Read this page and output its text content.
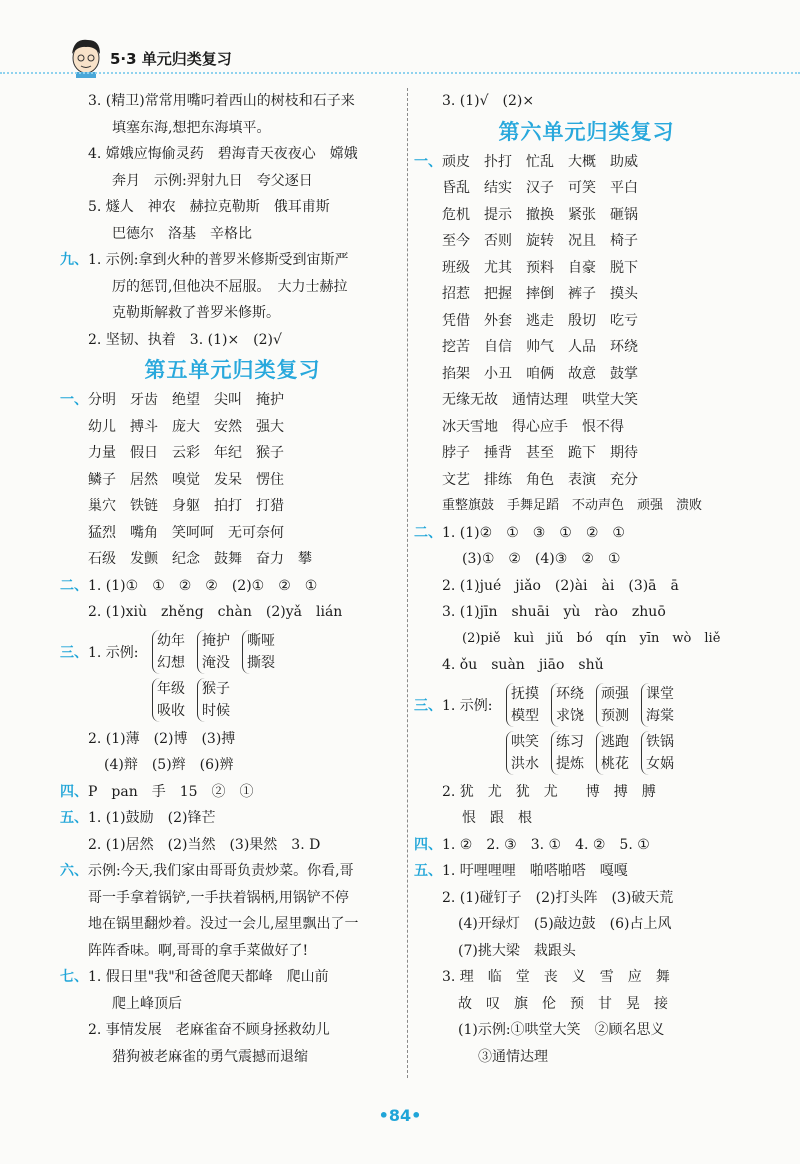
5·3 单元归类复习
3. (精卫)常常用嘴叼着西山的树枝和石子来
填塞东海,想把东海填平。
4. 嫦娥应悔偷灵药　碧海青天夜夜心　嫦娥
奔月　示例:羿射九日　夸父逐日
5. 燧人　神农　赫拉克勒斯　俄耳甫斯
巴德尔　洛基　辛格比
九、1. 示例:拿到火种的普罗米修斯受到宙斯严
厉的惩罚,但他决不屈服。　大力士赫拉
克勒斯解救了普罗米修斯。
2. 坚韧、执着　3. (1)×　(2)√
第五单元归类复习
一、分明　牙齿　绝望　尖叫　掩护
幼儿　搏斗　庞大　安然　强大
力量　假日　云彩　年纪　猴子
鳞子　居然　嗅觉　发呆　愣住
巢穴　铁链　身躯　拍打　打猎
猛烈　嘴角　笑呵呵　无可奈何
石级　发颤　纪念　鼓舞　奋力　攀
二、1. (1)①　①　②　②　(2)①　②　①
2. (1)xiù　zhěng　chàn　(2)yǎ　lián
三、1. 示例:
幼年
幻想
掩护
淹没
嘶哑
撕裂
年级
吸收
猴子
时候
2. (1)薄　(2)博　(3)搏
(4)辩　(5)辫　(6)辨
四、P　pan　手　15　②　①
五、1. (1)鼓励　(2)锋芒
2. (1)居然　(2)当然　(3)果然　3. D
六、示例:今天,我们家由哥哥负责炒菜。你看,哥
哥一手拿着锅铲,一手扶着锅柄,用锅铲不停
地在锅里翻炒着。没过一会儿,屋里飘出了一
阵阵香味。啊,哥哥的拿手菜做好了!
七、1. 假日里"我"和爸爸爬天都峰　爬山前
爬上峰顶后
2. 事情发展　老麻雀奋不顾身拯救幼儿
猎狗被老麻雀的勇气震撼而退缩
3. (1)√　(2)×
第六单元归类复习
一、顽皮　扑打　忙乱　大概　助威
昏乱　结实　汉子　可笑　平白
危机　提示　撤换　紧张　砸锅
至今　否则　旋转　况且　椅子
班级　尤其　预料　自豪　脱下
招惹　把握　摔倒　裤子　摸头
凭借　外套　逃走　殷切　吃亏
挖苦　自信　帅气　人品　环绕
掐架　小丑　咱俩　故意　鼓掌
无缘无故　通情达理　哄堂大笑
冰天雪地　得心应手　恨不得
脖子　捶背　甚至　跪下　期待
文艺　排练　角色　表演　充分
重整旗鼓　手舞足蹈　不动声色　顽强　溃败
二、1. (1)②　①　③　①　②　①
(3)①　②　(4)③　②　①
2. (1)jué　jiǎo　(2)ài　ài　(3)ā　ā
3. (1)jīn　shuāi　yù　rào　zhuō
(2)piě　kuì　jiǔ　bó　qín　yīn　wò　liě
4. ǒu　suàn　jiāo　shǔ
三、1. 示例:
抚摸
模型
环绕
求饶
顽强
预测
课堂
海棠
哄笑
洪水
练习
提炼
逃跑
桃花
铁锅
女娲
2. 犹　尤　犹　尤　　博　搏　膊
恨　跟　根
四、1. ②　2. ③　3. ①　4. ②　5. ①
五、1. 吁哩哩哩　啪嗒啪嗒　嘎嘎
2. (1)碰钉子　(2)打头阵　(3)破天荒
(4)开绿灯　(5)敲边鼓　(6)占上风
(7)挑大梁　栽跟头
3. 理　临　堂　丧　义　雪　应　舞
故　叹　旗　伦　预　甘　晃　接
(1)示例:①哄堂大笑　②顾名思义
③通情达理
•84•
